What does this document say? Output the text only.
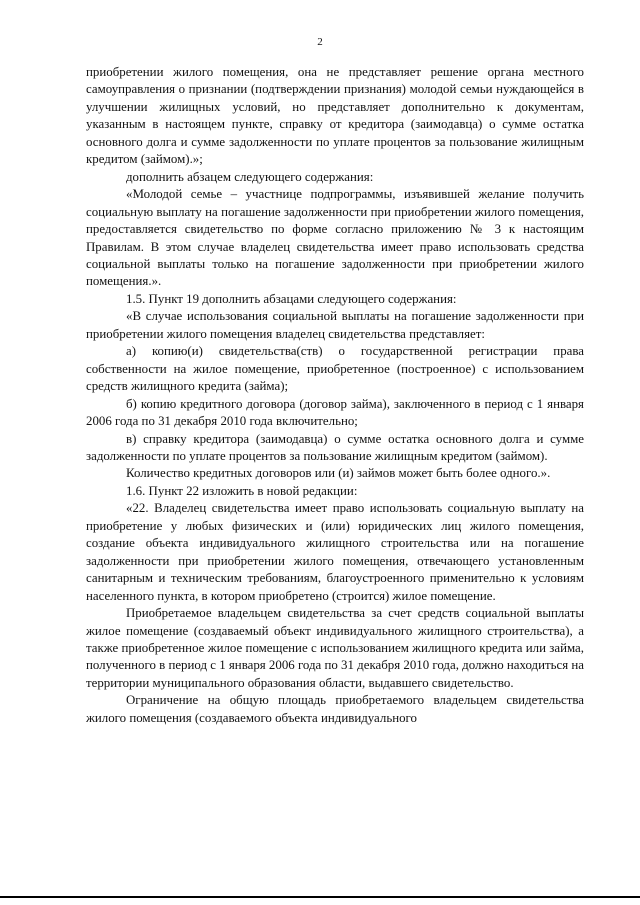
2

приобретении жилого помещения, она не представляет решение органа местного самоуправления о признании (подтверждении признания) молодой семьи нуждающейся в улучшении жилищных условий, но представляет дополнительно к документам, указанным в настоящем пункте, справку от кредитора (заимодавца) о сумме остатка основного долга и сумме задолженности по уплате процентов за пользование жилищным кредитом (займом).»;

дополнить абзацем следующего содержания:

«Молодой семье – участнице подпрограммы, изъявившей желание получить социальную выплату на погашение задолженности при приобретении жилого помещения, предоставляется свидетельство по форме согласно приложению № 3 к настоящим Правилам. В этом случае владелец свидетельства имеет право использовать средства социальной выплаты только на погашение задолженности при приобретении жилого помещения.».

1.5. Пункт 19 дополнить абзацами следующего содержания:

«В случае использования социальной выплаты на погашение задолженности при приобретении жилого помещения владелец свидетельства представляет:

а) копию(и) свидетельства(ств) о государственной регистрации права собственности на жилое помещение, приобретенное (построенное) с использованием средств жилищного кредита (займа);

б) копию кредитного договора (договор займа), заключенного в период с 1 января 2006 года по 31 декабря 2010 года включительно;

в) справку кредитора (заимодавца) о сумме остатка основного долга и сумме задолженности по уплате процентов за пользование жилищным кредитом (займом).

Количество кредитных договоров или (и) займов может быть более одного.».

1.6. Пункт 22 изложить в новой редакции:

«22. Владелец свидетельства имеет право использовать социальную выплату на приобретение у любых физических и (или) юридических лиц жилого помещения, создание объекта индивидуального жилищного строительства или на погашение задолженности при приобретении жилого помещения, отвечающего установленным санитарным и техническим требованиям, благоустроенного применительно к условиям населенного пункта, в котором приобретено (строится) жилое помещение.

Приобретаемое владельцем свидетельства за счет средств социальной выплаты жилое помещение (создаваемый объект индивидуального жилищного строительства), а также приобретенное жилое помещение с использованием жилищного кредита или займа, полученного в период с 1 января 2006 года по 31 декабря 2010 года, должно находиться на территории муниципального образования области, выдавшего свидетельство.

Ограничение на общую площадь приобретаемого владельцем свидетельства жилого помещения (создаваемого объекта индивидуального
